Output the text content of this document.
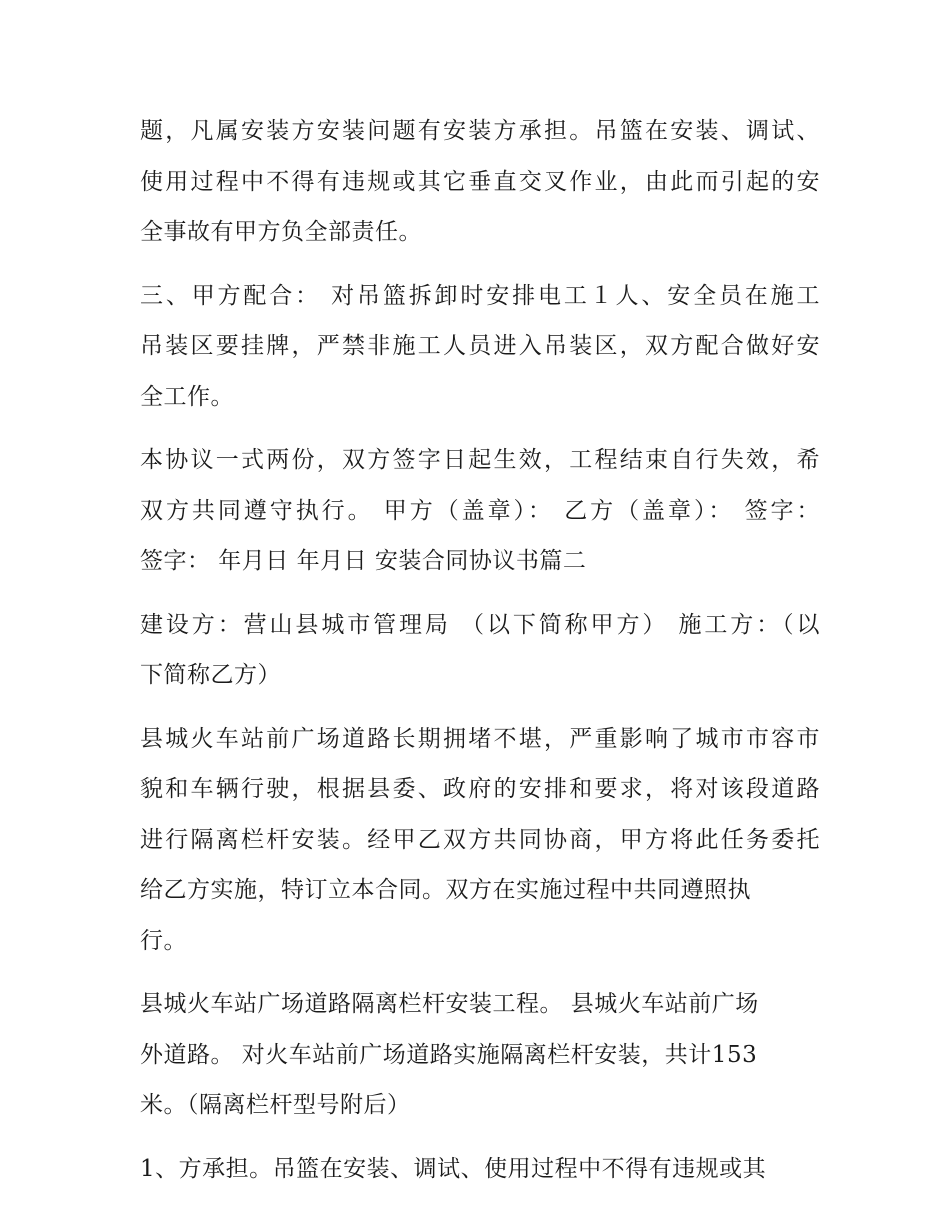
题，凡属安装方安装问题有安装方承担。吊篮在安装、调试、
使用过程中不得有违规或其它垂直交叉作业，由此而引起的安
全事故有甲方负全部责任。

三、甲方配合： 对吊篮拆卸时安排电工１人、安全员在施工
吊装区要挂牌，严禁非施工人员进入吊装区，双方配合做好安
全工作。

本协议一式两份，双方签字日起生效，工程结束自行失效，希
双方共同遵守执行。 甲方（盖章）： 乙方（盖章）： 签字：
签字： 年月日 年月日 安装合同协议书篇二

建设方：营山县城市管理局 （以下简称甲方） 施工方：（以
下简称乙方）

县城火车站前广场道路长期拥堵不堪，严重影响了城市市容市
貌和车辆行驶，根据县委、政府的安排和要求，将对该段道路
进行隔离栏杆安装。经甲乙双方共同协商，甲方将此任务委托
给乙方实施，特订立本合同。双方在实施过程中共同遵照执
行。

县城火车站广场道路隔离栏杆安装工程。 县城火车站前广场
外道路。 对火车站前广场道路实施隔离栏杆安装，共计153
米。（隔离栏杆型号附后）

1、方承担。吊篮在安装、调试、使用过程中不得有违规或其
